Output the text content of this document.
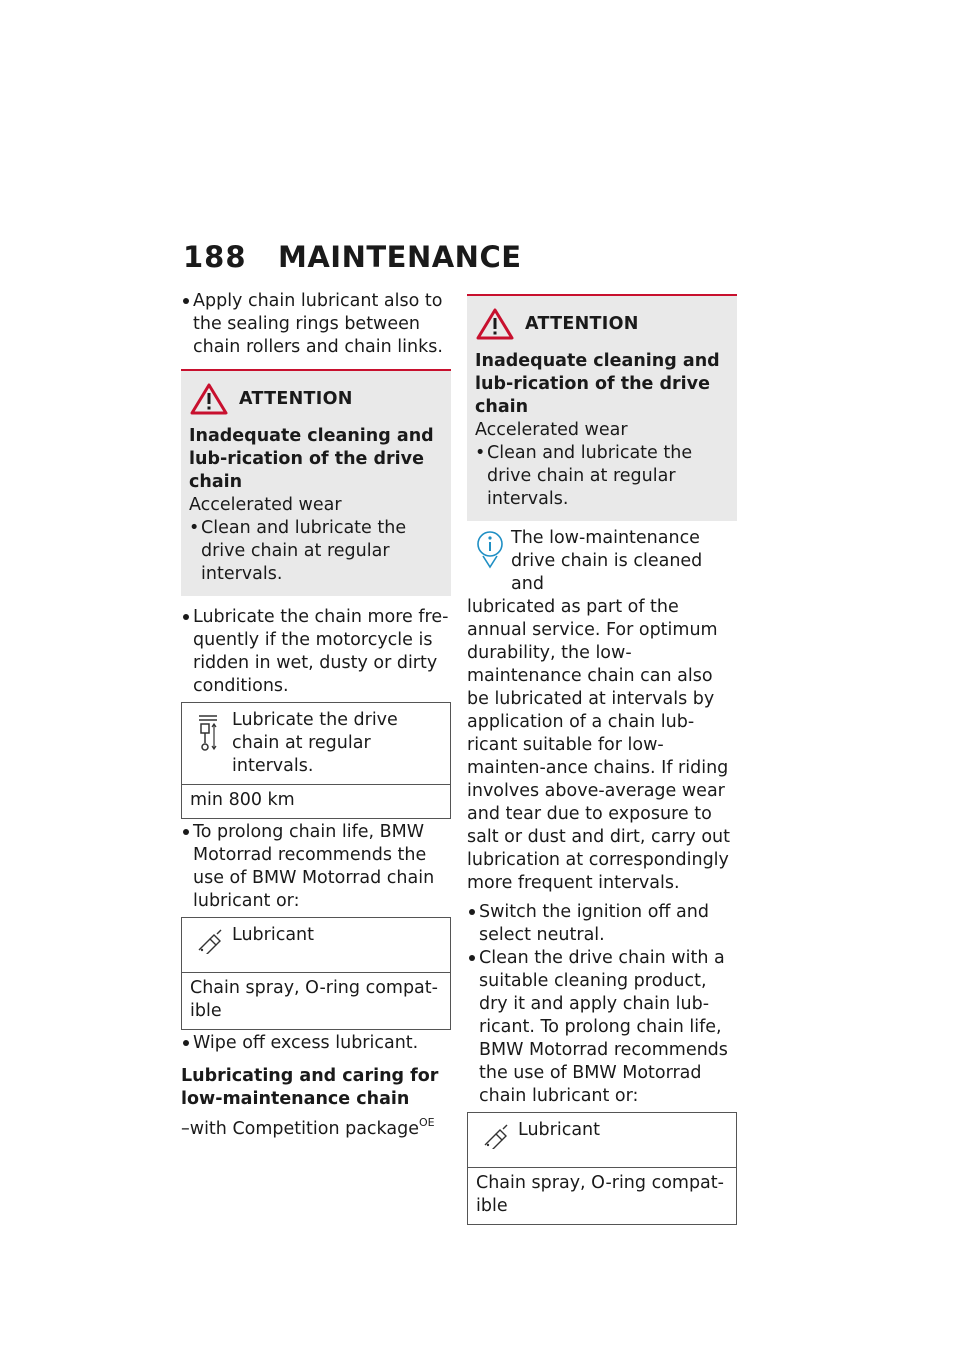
188	MAINTENANCE

Apply chain lubricant also to the sealing rings between chain rollers and chain links.

ATTENTION
Inadequate cleaning and lub-rication of the drive chain
Accelerated wear
• Clean and lubricate the drive chain at regular intervals.

Lubricate the chain more fre-quently if the motorcycle is ridden in wet, dusty or dirty conditions.

Lubricate the drive chain at regular intervals.
min 800 km

To prolong chain life, BMW Motorrad recommends the use of BMW Motorrad chain lubricant or:

Lubricant
Chain spray, O-ring compat-ible

Wipe off excess lubricant.

Lubricating and caring for low-maintenance chain
–with Competition package$^{OE}$
ATTENTION
Inadequate cleaning and lub-rication of the drive chain
Accelerated wear
• Clean and lubricate the drive chain at regular intervals.
The low-maintenance drive chain is cleaned and
lubricated as part of the annual service. For optimum durability, the low-maintenance chain can also be lubricated at intervals by application of a chain lub-ricant suitable for low-mainten-ance chains. If riding involves above-average wear and tear due to exposure to salt or dust and dirt, carry out lubrication at correspondingly more frequent intervals.

Switch the ignition off and select neutral.

Clean the drive chain with a suitable cleaning product, dry it and apply chain lub-ricant. To prolong chain life, BMW Motorrad recommends the use of BMW Motorrad chain lubricant or:

Lubricant
Chain spray, O-ring compat-ible
